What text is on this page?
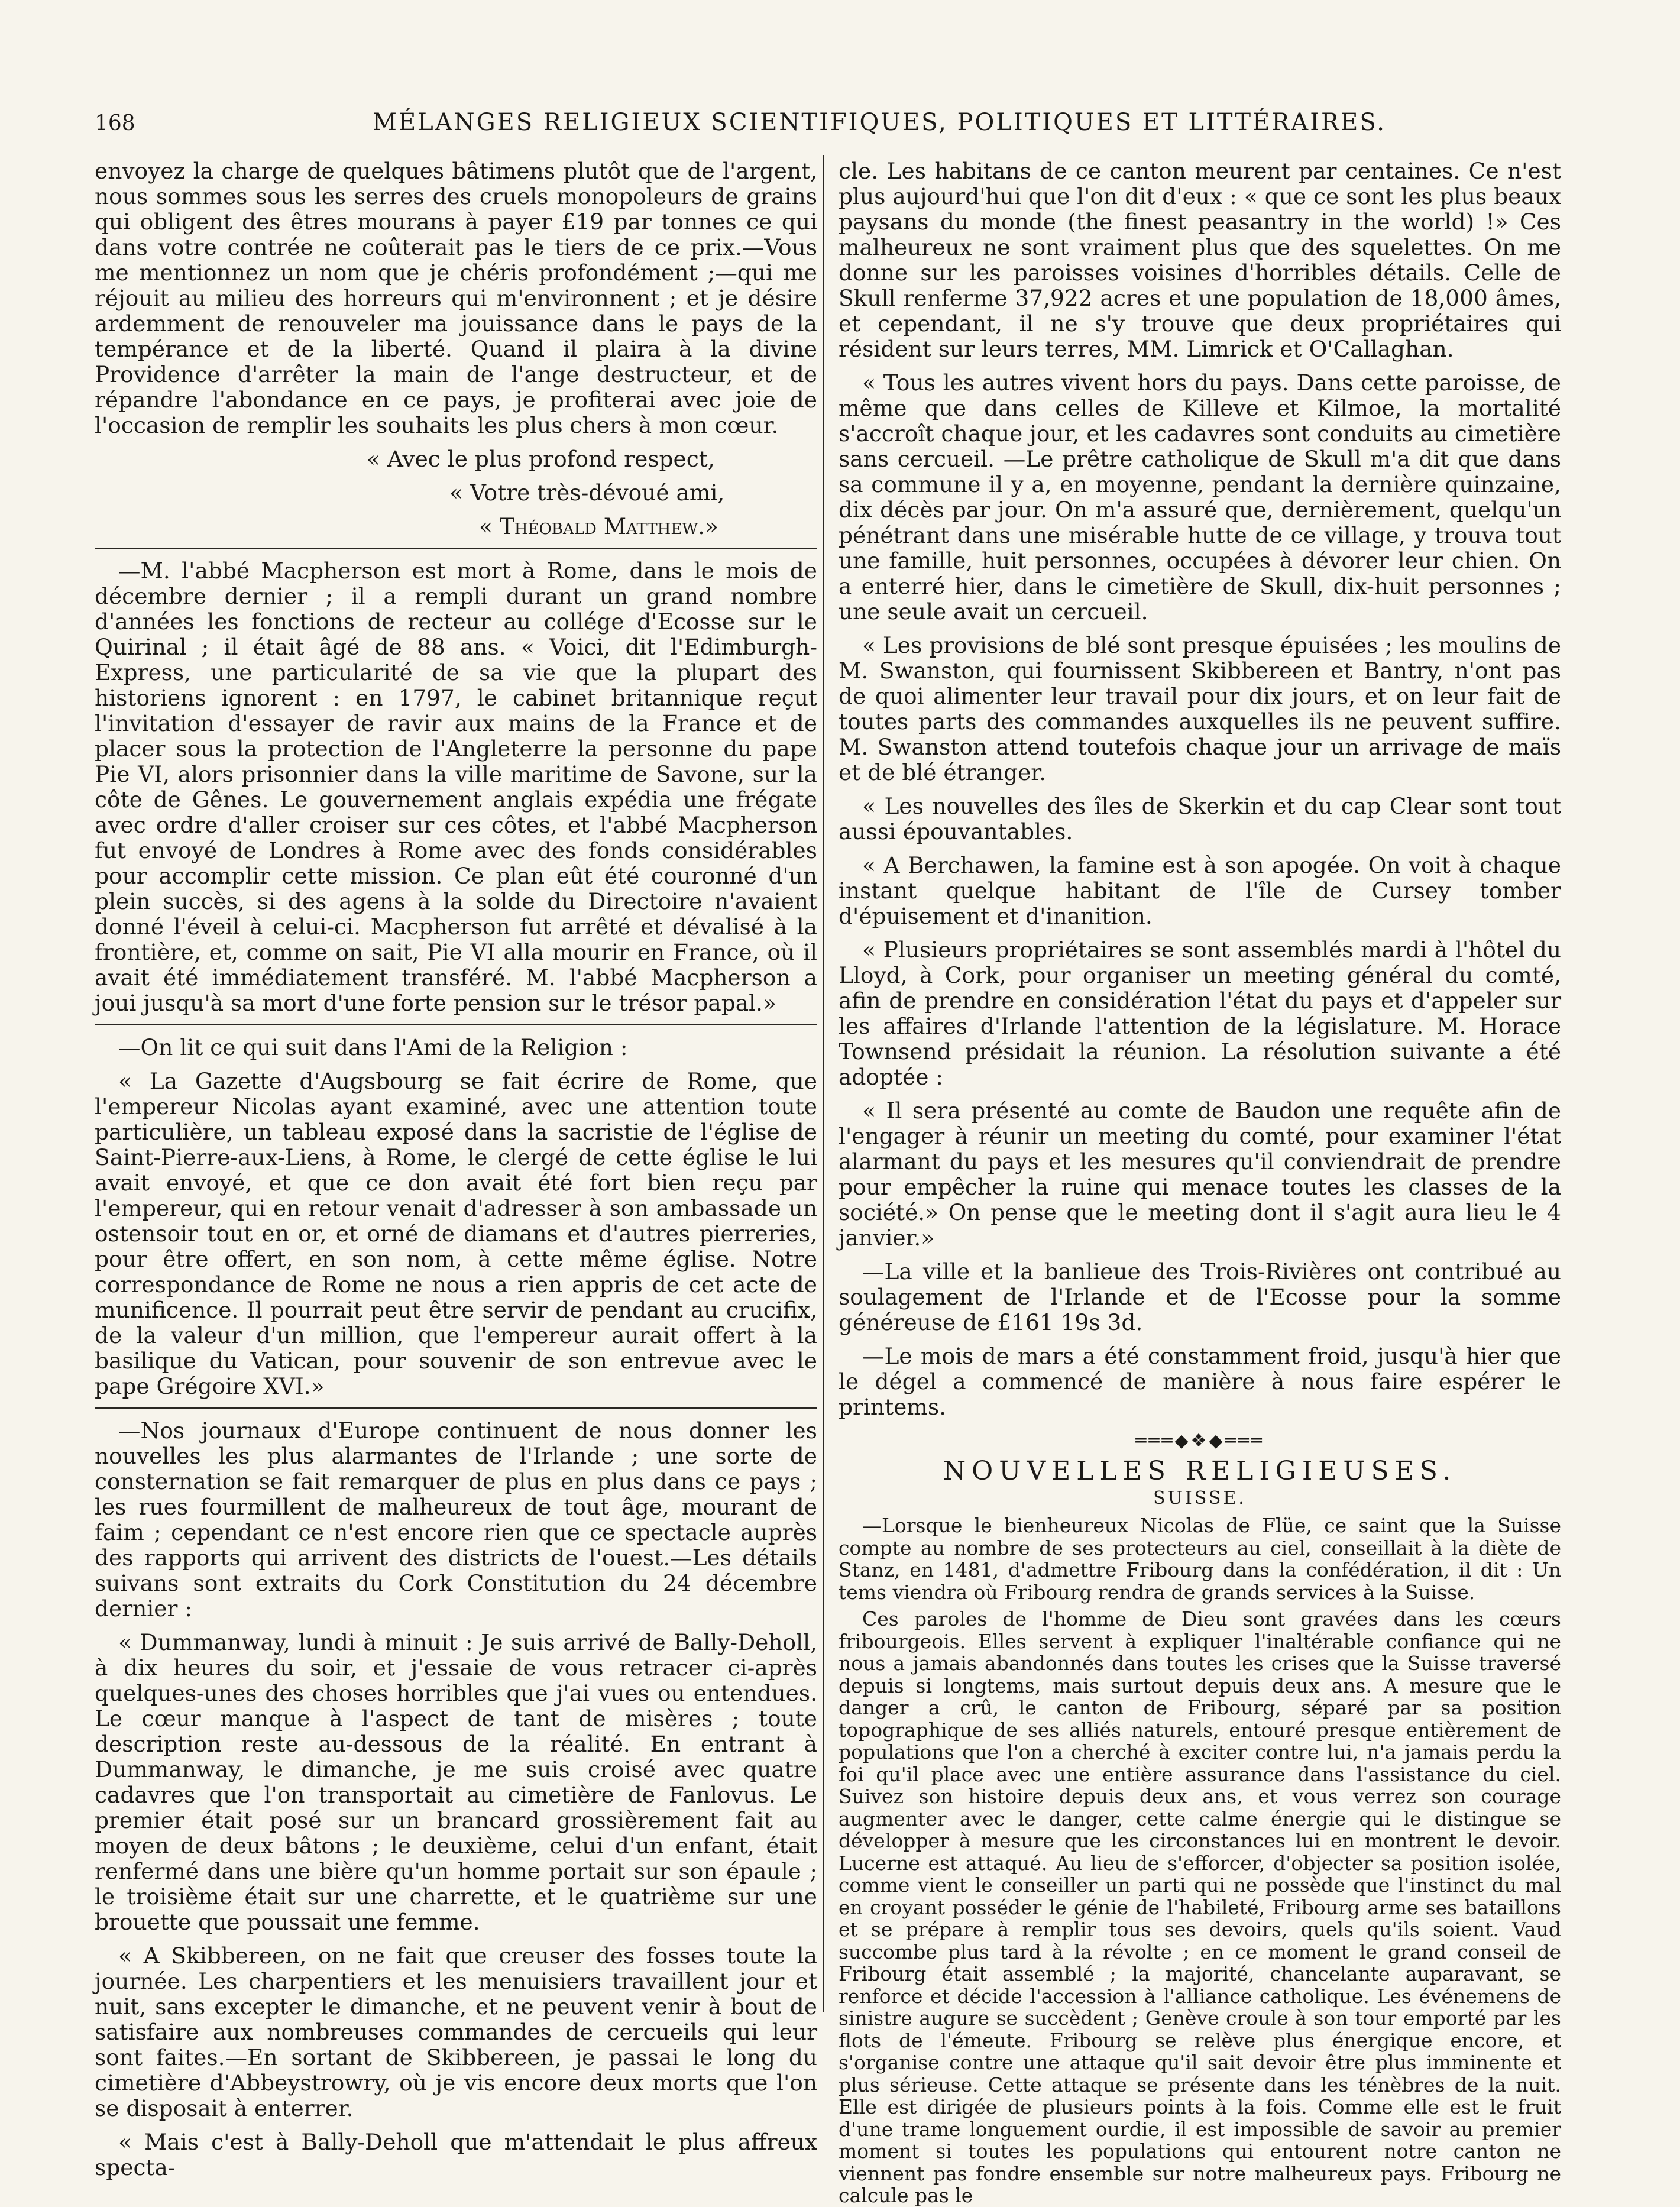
168	MÉLANGES RELIGIEUX SCIENTIFIQUES, POLITIQUES ET LITTÉRAIRES.

envoyez la charge de quelques bâtimens plutôt que de l'argent, nous sommes sous les serres des cruels monopoleurs de grains qui obligent des êtres mourans à payer £19 par tonnes ce qui dans votre contrée ne coûterait pas le tiers de ce prix.—Vous me mentionnez un nom que je chéris profondément ;—qui me réjouit au milieu des horreurs qui m'environnent ; et je désire ardemment de renouveler ma jouissance dans le pays de la tempérance et de la liberté. Quand il plaira à la divine Providence d'arrêter la main de l'ange destructeur, et de répandre l'abondance en ce pays, je profiterai avec joie de l'occasion de remplir les souhaits les plus chers à mon cœur.

« Avec le plus profond respect,

« Votre très-dévoué ami,

« Théobald Matthew.»

—M. l'abbé Macpherson est mort à Rome, dans le mois de décembre dernier ; il a rempli durant un grand nombre d'années les fonctions de recteur au collége d'Ecosse sur le Quirinal ; il était âgé de 88 ans. « Voici, dit l'Edimburgh-Express, une particularité de sa vie que la plupart des historiens ignorent : en 1797, le cabinet britannique reçut l'invitation d'essayer de ravir aux mains de la France et de placer sous la protection de l'Angleterre la personne du pape Pie VI, alors prisonnier dans la ville maritime de Savone, sur la côte de Gênes. Le gouvernement anglais expédia une frégate avec ordre d'aller croiser sur ces côtes, et l'abbé Macpherson fut envoyé de Londres à Rome avec des fonds considérables pour accomplir cette mission. Ce plan eût été couronné d'un plein succès, si des agens à la solde du Directoire n'avaient donné l'éveil à celui-ci. Macpherson fut arrêté et dévalisé à la frontière, et, comme on sait, Pie VI alla mourir en France, où il avait été immédiatement transféré. M. l'abbé Macpherson a joui jusqu'à sa mort d'une forte pension sur le trésor papal.»

—On lit ce qui suit dans l'Ami de la Religion :

« La Gazette d'Augsbourg se fait écrire de Rome, que l'empereur Nicolas ayant examiné, avec une attention toute particulière, un tableau exposé dans la sacristie de l'église de Saint-Pierre-aux-Liens, à Rome, le clergé de cette église le lui avait envoyé, et que ce don avait été fort bien reçu par l'empereur, qui en retour venait d'adresser à son ambassade un ostensoir tout en or, et orné de diamans et d'autres pierreries, pour être offert, en son nom, à cette même église. Notre correspondance de Rome ne nous a rien appris de cet acte de munificence. Il pourrait peut être servir de pendant au crucifix, de la valeur d'un million, que l'empereur aurait offert à la basilique du Vatican, pour souvenir de son entrevue avec le pape Grégoire XVI.»

—Nos journaux d'Europe continuent de nous donner les nouvelles les plus alarmantes de l'Irlande ; une sorte de consternation se fait remarquer de plus en plus dans ce pays ; les rues fourmillent de malheureux de tout âge, mourant de faim ; cependant ce n'est encore rien que ce spectacle auprès des rapports qui arrivent des districts de l'ouest.—Les détails suivans sont extraits du Cork Constitution du 24 décembre dernier :

« Dummanway, lundi à minuit : Je suis arrivé de Bally-Deholl, à dix heures du soir, et j'essaie de vous retracer ci-après quelques-unes des choses horribles que j'ai vues ou entendues. Le cœur manque à l'aspect de tant de misères ; toute description reste au-dessous de la réalité. En entrant à Dummanway, le dimanche, je me suis croisé avec quatre cadavres que l'on transportait au cimetière de Fanlovus. Le premier était posé sur un brancard grossièrement fait au moyen de deux bâtons ; le deuxième, celui d'un enfant, était renfermé dans une bière qu'un homme portait sur son épaule ; le troisième était sur une charrette, et le quatrième sur une brouette que poussait une femme.

« A Skibbereen, on ne fait que creuser des fosses toute la journée. Les charpentiers et les menuisiers travaillent jour et nuit, sans excepter le dimanche, et ne peuvent venir à bout de satisfaire aux nombreuses commandes de cercueils qui leur sont faites.—En sortant de Skibbereen, je passai le long du cimetière d'Abbeystrowry, où je vis encore deux morts que l'on se disposait à enterrer.

« Mais c'est à Bally-Deholl que m'attendait le plus affreux specta-

cle. Les habitans de ce canton meurent par centaines. Ce n'est plus aujourd'hui que l'on dit d'eux : « que ce sont les plus beaux paysans du monde (the finest peasantry in the world) !» Ces malheureux ne sont vraiment plus que des squelettes. On me donne sur les paroisses voisines d'horribles détails. Celle de Skull renferme 37,922 acres et une population de 18,000 âmes, et cependant, il ne s'y trouve que deux propriétaires qui résident sur leurs terres, MM. Limrick et O'Callaghan.

« Tous les autres vivent hors du pays. Dans cette paroisse, de même que dans celles de Killeve et Kilmoe, la mortalité s'accroît chaque jour, et les cadavres sont conduits au cimetière sans cercueil. —Le prêtre catholique de Skull m'a dit que dans sa commune il y a, en moyenne, pendant la dernière quinzaine, dix décès par jour. On m'a assuré que, dernièrement, quelqu'un pénétrant dans une misérable hutte de ce village, y trouva tout une famille, huit personnes, occupées à dévorer leur chien. On a enterré hier, dans le cimetière de Skull, dix-huit personnes ; une seule avait un cercueil.

« Les provisions de blé sont presque épuisées ; les moulins de M. Swanston, qui fournissent Skibbereen et Bantry, n'ont pas de quoi alimenter leur travail pour dix jours, et on leur fait de toutes parts des commandes auxquelles ils ne peuvent suffire. M. Swanston attend toutefois chaque jour un arrivage de maïs et de blé étranger.

« Les nouvelles des îles de Skerkin et du cap Clear sont tout aussi épouvantables.

« A Berchawen, la famine est à son apogée. On voit à chaque instant quelque habitant de l'île de Cursey tomber d'épuisement et d'inanition.

« Plusieurs propriétaires se sont assemblés mardi à l'hôtel du Lloyd, à Cork, pour organiser un meeting général du comté, afin de prendre en considération l'état du pays et d'appeler sur les affaires d'Irlande l'attention de la législature. M. Horace Townsend présidait la réunion. La résolution suivante a été adoptée :

« Il sera présenté au comte de Baudon une requête afin de l'engager à réunir un meeting du comté, pour examiner l'état alarmant du pays et les mesures qu'il conviendrait de prendre pour empêcher la ruine qui menace toutes les classes de la société.» On pense que le meeting dont il s'agit aura lieu le 4 janvier.»

—La ville et la banlieue des Trois-Rivières ont contribué au soulagement de l'Irlande et de l'Ecosse pour la somme généreuse de £161 19s 3d.

—Le mois de mars a été constamment froid, jusqu'à hier que le dégel a commencé de manière à nous faire espérer le printems.

═══◆❖◆═══
NOUVELLES RELIGIEUSES.
SUISSE.

—Lorsque le bienheureux Nicolas de Flüe, ce saint que la Suisse compte au nombre de ses protecteurs au ciel, conseillait à la diète de Stanz, en 1481, d'admettre Fribourg dans la confédération, il dit : Un tems viendra où Fribourg rendra de grands services à la Suisse.

Ces paroles de l'homme de Dieu sont gravées dans les cœurs fribourgeois. Elles servent à expliquer l'inaltérable confiance qui ne nous a jamais abandonnés dans toutes les crises que la Suisse traversé depuis si longtems, mais surtout depuis deux ans. A mesure que le danger a crû, le canton de Fribourg, séparé par sa position topographique de ses alliés naturels, entouré presque entièrement de populations que l'on a cherché à exciter contre lui, n'a jamais perdu la foi qu'il place avec une entière assurance dans l'assistance du ciel. Suivez son histoire depuis deux ans, et vous verrez son courage augmenter avec le danger, cette calme énergie qui le distingue se développer à mesure que les circonstances lui en montrent le devoir. Lucerne est attaqué. Au lieu de s'efforcer, d'objecter sa position isolée, comme vient le conseiller un parti qui ne possède que l'instinct du mal en croyant posséder le génie de l'habileté, Fribourg arme ses bataillons et se prépare à remplir tous ses devoirs, quels qu'ils soient. Vaud succombe plus tard à la révolte ; en ce moment le grand conseil de Fribourg était assemblé ; la majorité, chancelante auparavant, se renforce et décide l'accession à l'alliance catholique. Les événemens de sinistre augure se succèdent ; Genève croule à son tour emporté par les flots de l'émeute. Fribourg se relève plus énergique encore, et s'organise contre une attaque qu'il sait devoir être plus imminente et plus sérieuse. Cette attaque se présente dans les ténèbres de la nuit. Elle est dirigée de plusieurs points à la fois. Comme elle est le fruit d'une trame longuement ourdie, il est impossible de savoir au premier moment si toutes les populations qui entourent notre canton ne viennent pas fondre ensemble sur notre malheureux pays. Fribourg ne calcule pas le
